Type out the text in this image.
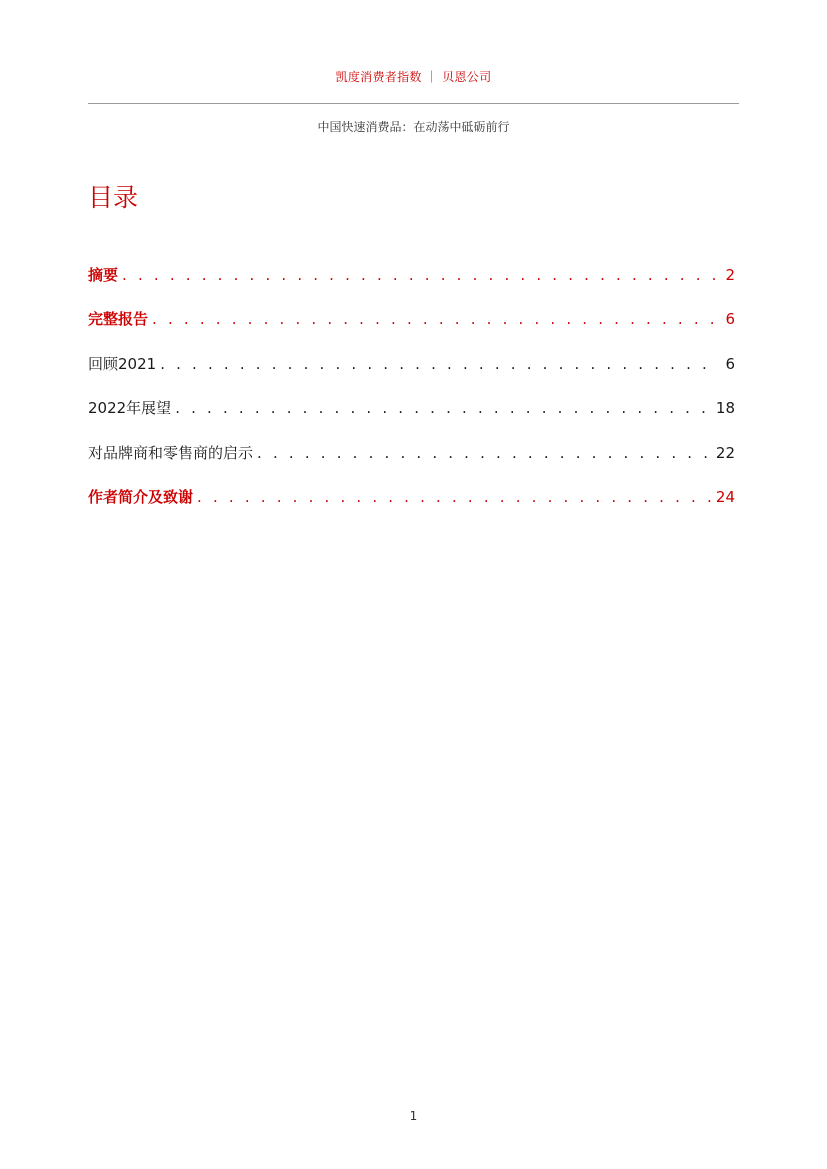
凯度消费者指数 ｜ 贝恩公司
中国快速消费品：在动荡中砥砺前行
目录
摘要 . . .	2
完整报告 . . .	6
回顾2021 . . .	6
2022年展望 . . .	18
对品牌商和零售商的启示 . . .	22
作者简介及致谢 . . .	24
1
